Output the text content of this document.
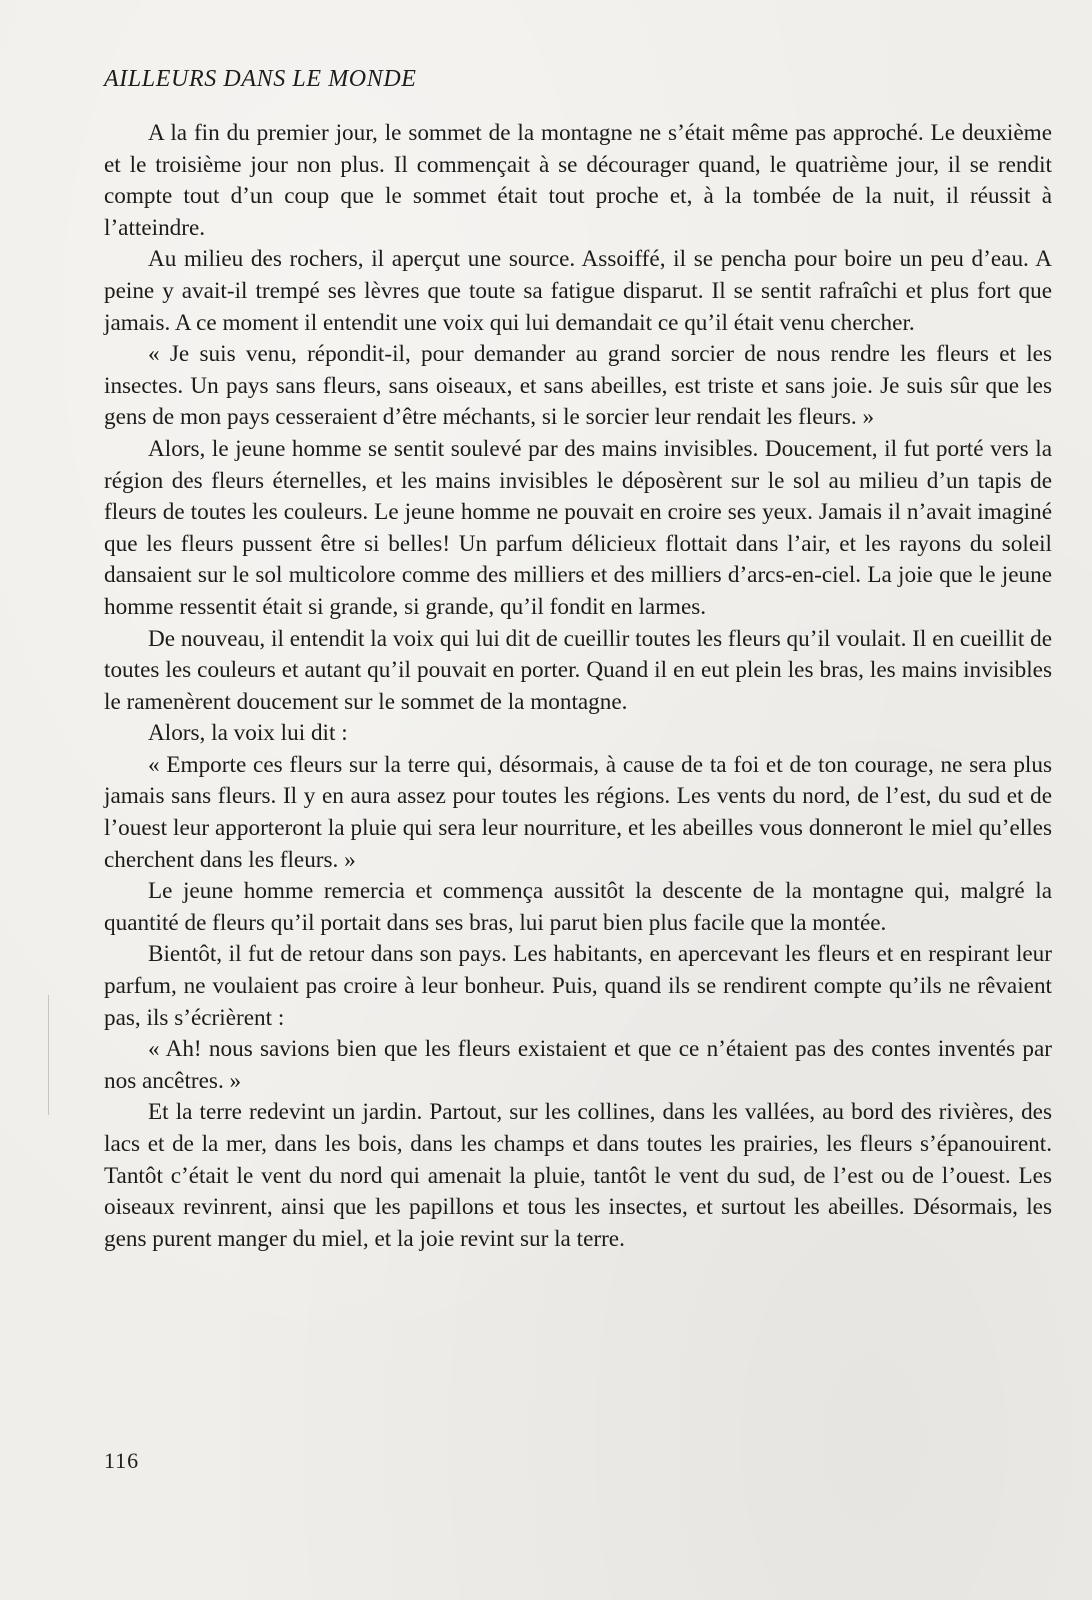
AILLEURS DANS LE MONDE

A la fin du premier jour, le sommet de la montagne ne s’était même pas approché. Le deuxième et le troisième jour non plus. Il commençait à se décourager quand, le quatrième jour, il se rendit compte tout d’un coup que le sommet était tout proche et, à la tombée de la nuit, il réussit à l’atteindre.

Au milieu des rochers, il aperçut une source. Assoiffé, il se pencha pour boire un peu d’eau. A peine y avait-il trempé ses lèvres que toute sa fatigue disparut. Il se sentit rafraîchi et plus fort que jamais. A ce moment il entendit une voix qui lui demandait ce qu’il était venu chercher.

« Je suis venu, répondit-il, pour demander au grand sorcier de nous rendre les fleurs et les insectes. Un pays sans fleurs, sans oiseaux, et sans abeilles, est triste et sans joie. Je suis sûr que les gens de mon pays cesseraient d’être méchants, si le sorcier leur rendait les fleurs. »

Alors, le jeune homme se sentit soulevé par des mains invisibles. Doucement, il fut porté vers la région des fleurs éternelles, et les mains invisibles le déposèrent sur le sol au milieu d’un tapis de fleurs de toutes les couleurs. Le jeune homme ne pouvait en croire ses yeux. Jamais il n’avait imaginé que les fleurs pussent être si belles! Un parfum délicieux flottait dans l’air, et les rayons du soleil dansaient sur le sol multicolore comme des milliers et des milliers d’arcs-en-ciel. La joie que le jeune homme ressentit était si grande, si grande, qu’il fondit en larmes.

De nouveau, il entendit la voix qui lui dit de cueillir toutes les fleurs qu’il voulait. Il en cueillit de toutes les couleurs et autant qu’il pouvait en porter. Quand il en eut plein les bras, les mains invisibles le ramenèrent doucement sur le sommet de la montagne.

Alors, la voix lui dit :

« Emporte ces fleurs sur la terre qui, désormais, à cause de ta foi et de ton courage, ne sera plus jamais sans fleurs. Il y en aura assez pour toutes les régions. Les vents du nord, de l’est, du sud et de l’ouest leur apporteront la pluie qui sera leur nourriture, et les abeilles vous donneront le miel qu’elles cherchent dans les fleurs. »

Le jeune homme remercia et commença aussitôt la descente de la montagne qui, malgré la quantité de fleurs qu’il portait dans ses bras, lui parut bien plus facile que la montée.

Bientôt, il fut de retour dans son pays. Les habitants, en apercevant les fleurs et en respirant leur parfum, ne voulaient pas croire à leur bonheur. Puis, quand ils se rendirent compte qu’ils ne rêvaient pas, ils s’écrièrent :

« Ah! nous savions bien que les fleurs existaient et que ce n’étaient pas des contes inventés par nos ancêtres. »

Et la terre redevint un jardin. Partout, sur les collines, dans les vallées, au bord des rivières, des lacs et de la mer, dans les bois, dans les champs et dans toutes les prairies, les fleurs s’épanouirent. Tantôt c’était le vent du nord qui amenait la pluie, tantôt le vent du sud, de l’est ou de l’ouest. Les oiseaux revinrent, ainsi que les papillons et tous les insectes, et surtout les abeilles. Désormais, les gens purent manger du miel, et la joie revint sur la terre.

116
